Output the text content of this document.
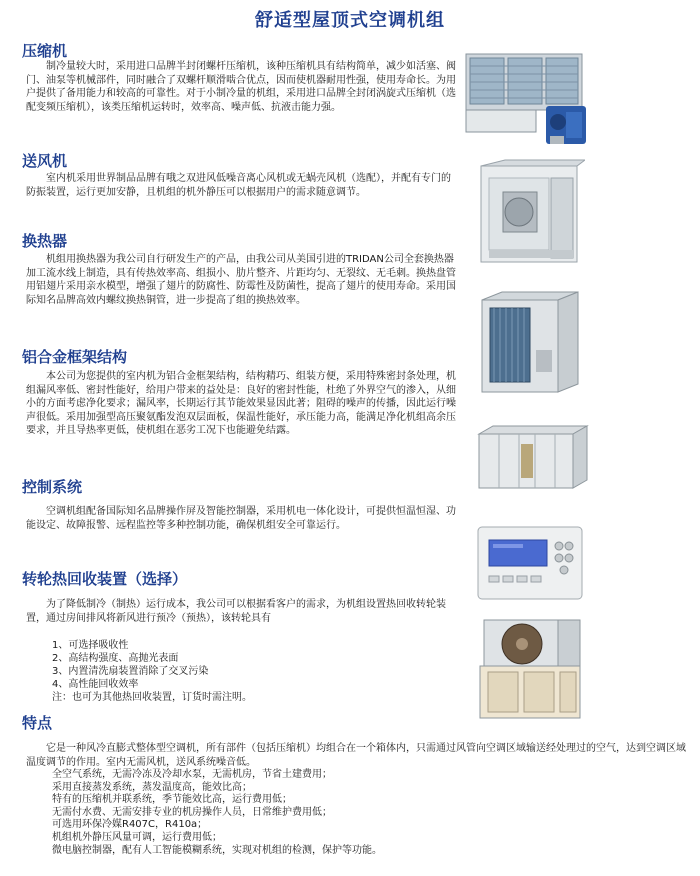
舒适型屋顶式空调机组
压缩机

制冷量较大时，采用进口品牌半封闭螺杆压缩机，该种压缩机具有结构简单，减少如活塞、阀门、油泵等机械部件，同时融合了双螺杆顺滑啮合优点，因而使机器耐用性强，使用寿命长。为用户提供了备用能力和较高的可靠性。对于小制冷量的机组，采用进口品牌全封闭涡旋式压缩机（选配变频压缩机），该类压缩机运转时，效率高、噪声低、抗液击能力强。

送风机

室内机采用世界制品品牌有哦之双进风低噪音离心风机或无蜗壳风机（选配），并配有专门的防振装置，运行更加安静，且机组的机外静压可以根据用户的需求随意调节。

换热器

机组用换热器为我公司自行研发生产的产品，由我公司从美国引进的TRIDAN公司全套换热器加工流水线上制造，具有传热效率高、组损小、肋片整齐、片距均匀、无裂纹、无毛刺。换热盘管用铝翅片采用亲水模型，增强了翅片的防腐性、防霉性及防菌性，提高了翅片的使用寿命。采用国际知名品牌高效内螺纹换热铜管，进一步提高了组的换热效率。

铝合金框架结构

本公司为您提供的室内机为铝合金框架结构，结构精巧、组装方便，采用特殊密封条处理，机组漏风率低、密封性能好，给用户带来的益处是：良好的密封性能，杜绝了外界空气的渗入，从细小的方面考虑净化要求；漏风率，长期运行其节能效果显因此著；阻碍的噪声的传播，因此运行噪声很低。采用加强型高压聚氨酯发泡双层面板，保温性能好，承压能力高，能满足净化机组高余压要求，并且导热率更低，使机组在恶劣工况下也能避免结露。

控制系统

空调机组配备国际知名品牌操作屏及智能控制器，采用机电一体化设计，可提供恒温恒湿、功能设定、故障报警、远程监控等多种控制功能，确保机组安全可靠运行。

转轮热回收装置（选择）

为了降低制冷（制热）运行成本，我公司可以根据看客户的需求，为机组设置热回收转轮装置，通过房间排风将新风进行预冷（预热），该转轮具有

1、可选择吸收性
2、高结构强度、高抛光表面
3、内置清洗扇装置消除了交叉污染
4、高性能回收效率
注：也可为其他热回收装置，订货时需注明。
特点

它是一种风冷直膨式整体型空调机，所有部件（包括压缩机）均组合在一个箱体内，只需通过风管向空调区域输送经处理过的空气，达到空调区域温度调节的作用。室内无需风机，送风系统噪音低。

全空气系统，无需冷冻及冷却水泵，无需机房，节省土建费用；
采用直接蒸发系统，蒸发温度高，能效比高；
特有的压缩机并联系统，季节能效比高，运行费用低；
无需付水费、无需安排专业的机房操作人员，日常维护费用低；
可选用环保冷媒R407C，R410a；
机组机外静压风量可调，运行费用低；
微电脑控制器，配有人工智能模糊系统，实现对机组的检测，保护等功能。
